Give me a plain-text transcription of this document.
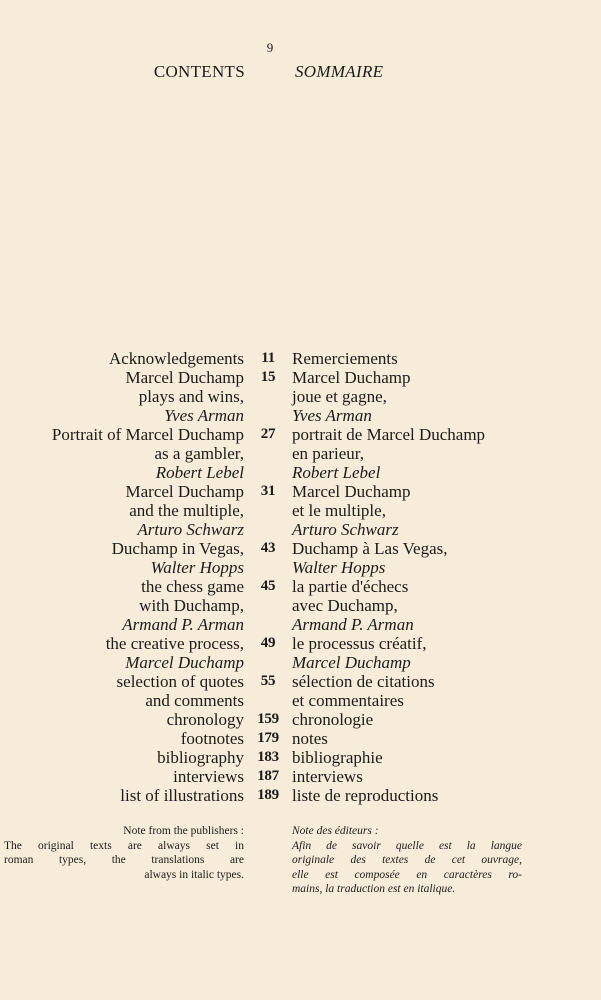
9
CONTENTS	SOMMAIRE
Acknowledgements	11	Remerciements
Marcel Duchamp	15 Marcel Duchamp
plays and wins,	joue et gagne,
Yves Arman	Yves Arman
Portrait of Marcel Duchamp	27 portrait de Marcel Duchamp
as a gambler,	en parieur,
Robert Lebel	Robert Lebel
Marcel Duchamp	31 Marcel Duchamp
and the multiple,	et le multiple,
Arturo Schwarz	Arturo Schwarz
Duchamp in Vegas,	43 Duchamp à Las Vegas,
Walter Hopps	Walter Hopps
the chess game	45 la partie d'échecs
with Duchamp,	avec Duchamp,
Armand P. Arman	Armand P. Arman
the creative process,	49 le processus créatif,
Marcel Duchamp	Marcel Duchamp
selection of quotes	55 sélection de citations
and comments	et commentaires
chronology 159 chronologie
footnotes 179 notes
bibliography 183 bibliographie
interviews 187 interviews
list of illustrations 189 liste de reproductions
Note from the publishers :
The original texts are always set in
roman types, the translations are
always in italic types.
Note des éditeurs :
Afin de savoir quelle est la langue
originale des textes de cet ouvrage,
elle est composée en caractères ro-
mains, la traduction est en italique.
